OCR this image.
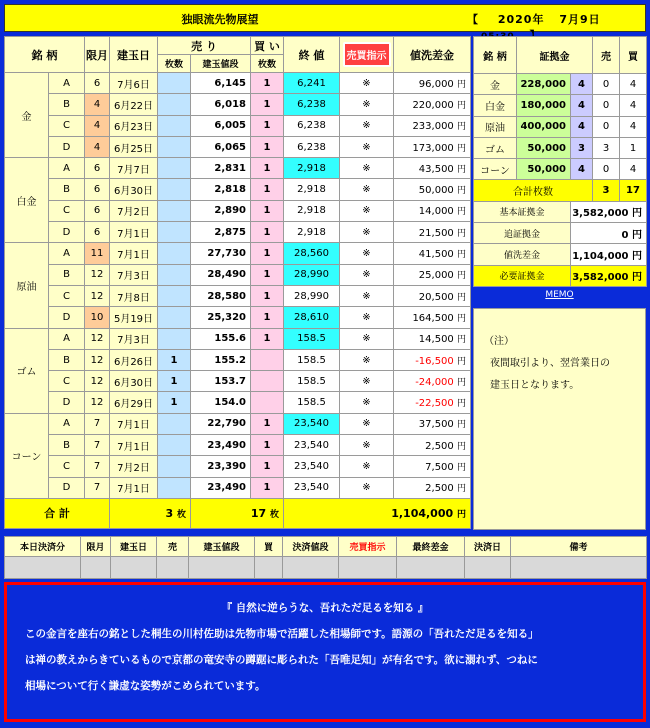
独眼流先物展望	【 2020年 7月9日
銘 柄		限月	建玉日	売 り		買 い	終 値	売買指示	値洗差金
				枚数	建玉値段	枚数			
金	A	6	7月6日		6,145	1	6,241	※	96,000 円
	B	4	6月22日		6,018	1	6,238	※	220,000 円
	C	4	6月23日		6,005	1	6,238	※	233,000 円
	D	4	6月25日		6,065	1	6,238	※	173,000 円
白金	A	6	7月7日		2,831	1	2,918	※	43,500 円
	B	6	6月30日		2,818	1	2,918	※	50,000 円
	C	6	7月2日		2,890	1	2,918	※	14,000 円
	D	6	7月1日		2,875	1	2,918	※	21,500 円
原油	A	11	7月1日		27,730	1	28,560	※	41,500 円
	B	12	7月3日		28,490	1	28,990	※	25,000 円
	C	12	7月8日		28,580	1	28,990	※	20,500 円
	D	10	5月19日		25,320	1	28,610	※	164,500 円
ゴム	A	12	7月3日		155.6	1	158.5	※	14,500 円
	B	12	6月26日	1	155.2		158.5	※	-16,500 円
	C	12	6月30日	1	153.7		158.5	※	-24,000 円
	D	12	6月29日	1	154.0		158.5	※	-22,500 円
コーン	A	7	7月1日		22,790	1	23,540	※	37,500 円
	B	7	7月1日		23,490	1	23,540	※	2,500 円
	C	7	7月2日		23,390	1	23,540	※	7,500 円
	D	7	7月1日		23,490	1	23,540	※	2,500 円
合 計			3 枚		17 枚		1,104,000 円		
銘 柄	証拠金		売	買
金	228,000	4	0	4
白金	180,000	4	0	4
原油	400,000	4	0	4
ゴム	50,000	3	3	1
コーン	50,000	4	0	4
合計枚数			3	17
基本証拠金		3,582,000 円		
追証拠金		0 円		
値洗差金		1,104,000 円		
必要証拠金		3,582,000 円		
MEMO
（注）
夜間取引より、翌営業日の
建玉日となります。
本日決済分	限月	建玉日	売	建玉値段	買	決済値段	売買指示	最終差金	決済日	備考

『 自然に逆らうな、吾れただ足るを知る 』

この金言を座右の銘とした桐生の川村佐助は先物市場で活躍した相場師です。語源の「吾れただ足るを知る」

は禅の教えからきているもので京都の竜安寺の蹲踞に彫られた「吾唯足知」が有名です。欲に溺れず、つねに

相場について行く謙虚な姿勢がこめられています。
